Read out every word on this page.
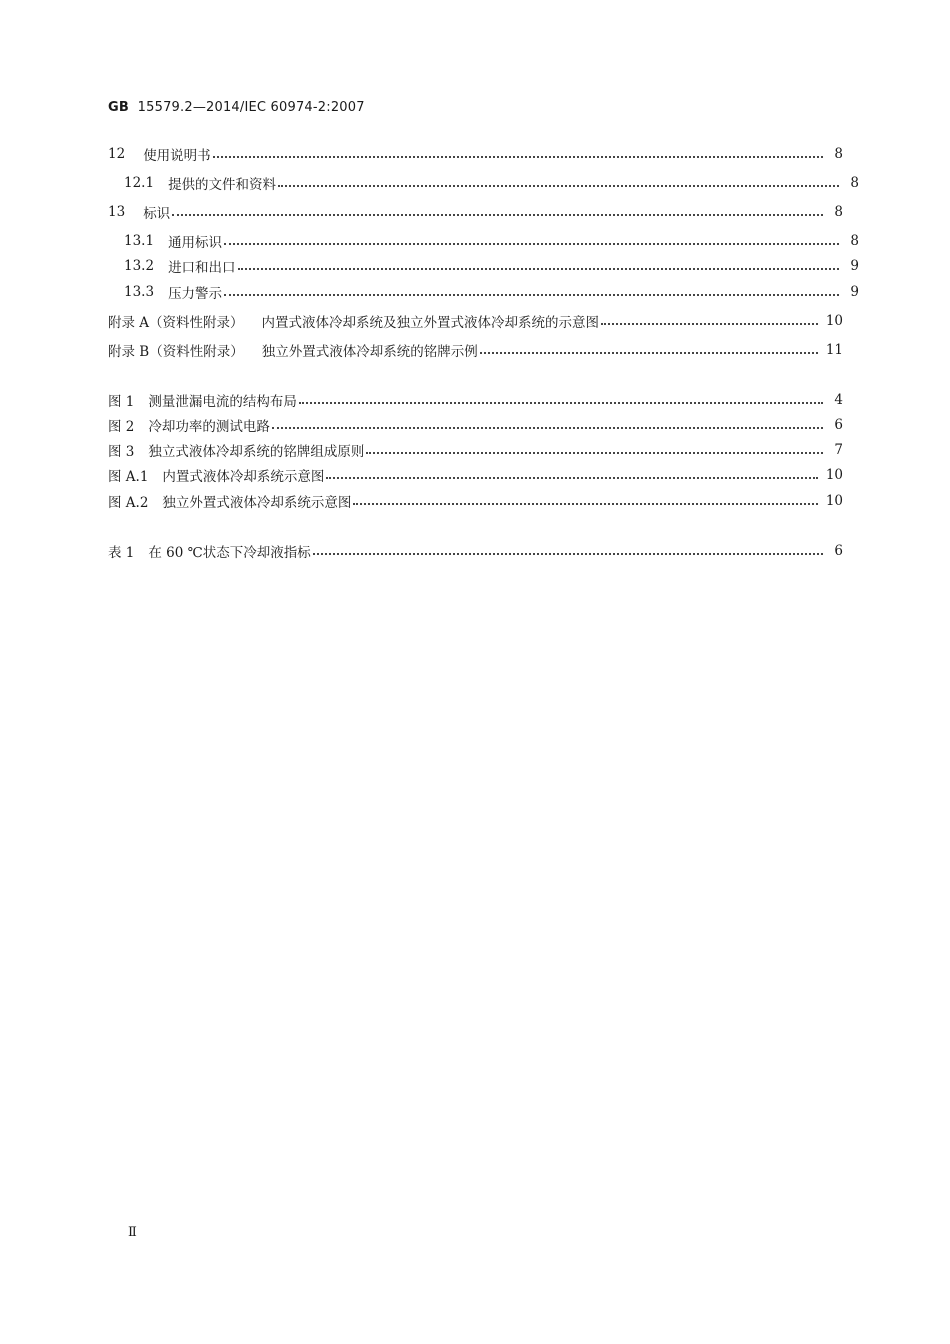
GB 15579.2—2014/IEC 60974-2:2007
12 使用说明书	8
12.1 提供的文件和资料	8
13 标识	8
13.1 通用标识	8
13.2 进口和出口	9
13.3 压力警示	9
附录 A（资料性附录） 内置式液体冷却系统及独立外置式液体冷却系统的示意图	10
附录 B（资料性附录） 独立外置式液体冷却系统的铭牌示例	11
图 1 测量泄漏电流的结构布局	4
图 2 冷却功率的测试电路	6
图 3 独立式液体冷却系统的铭牌组成原则	7
图 A.1 内置式液体冷却系统示意图	10
图 A.2 独立外置式液体冷却系统示意图	10
表 1 在 60 ℃状态下冷却液指标	6
Ⅱ
